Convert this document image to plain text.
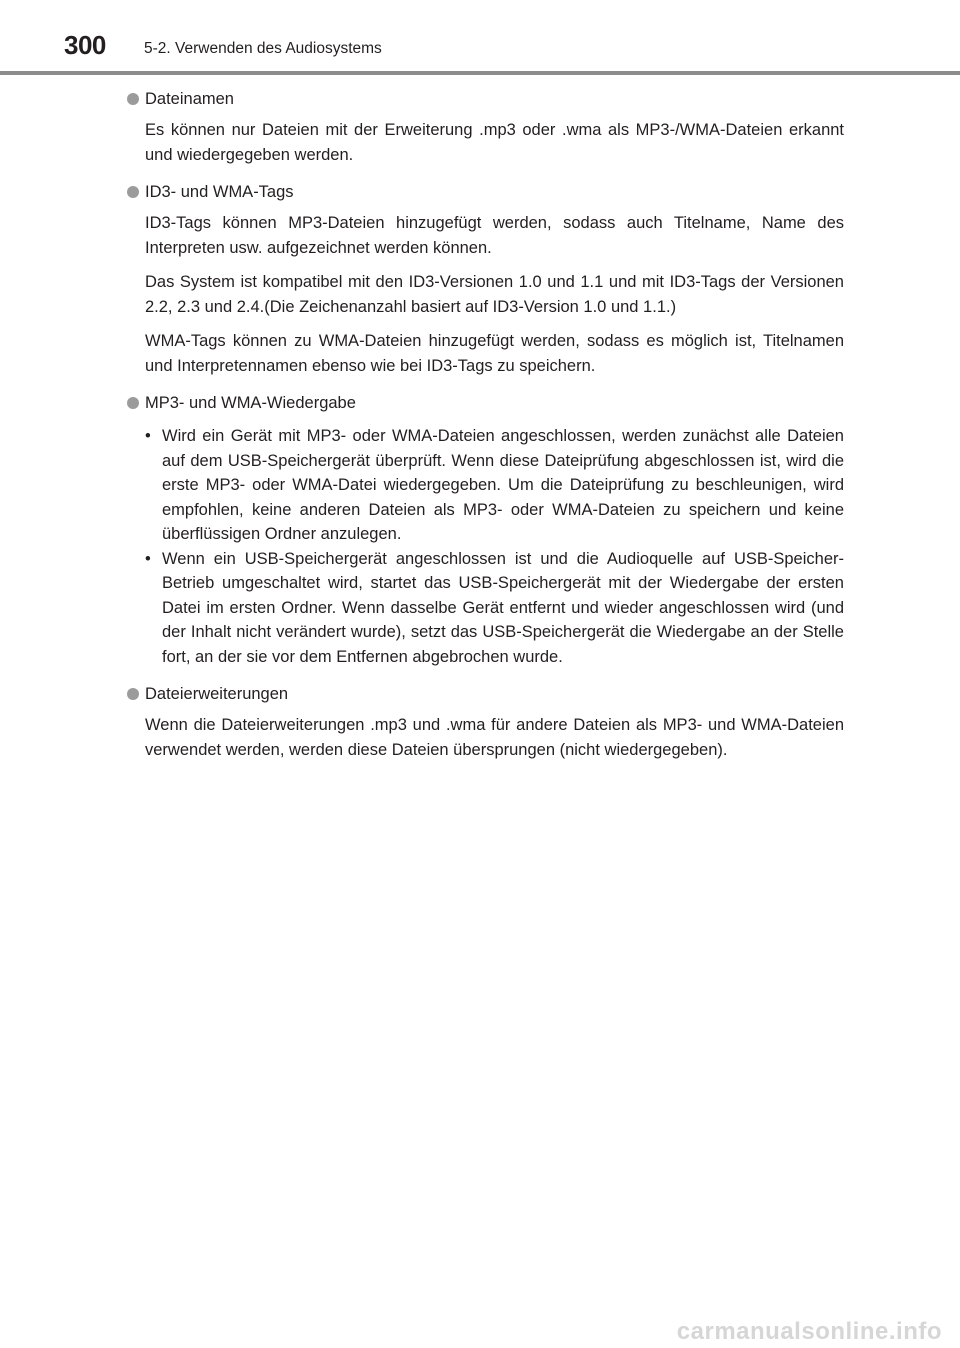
300 5-2. Verwenden des Audiosystems
Dateinamen

Es können nur Dateien mit der Erweiterung .mp3 oder .wma als MP3-/WMA-Dateien erkannt und wiedergegeben werden.

ID3- und WMA-Tags

ID3-Tags können MP3-Dateien hinzugefügt werden, sodass auch Titelname, Name des Interpreten usw. aufgezeichnet werden können.

Das System ist kompatibel mit den ID3-Versionen 1.0 und 1.1 und mit ID3-Tags der Versionen 2.2, 2.3 und 2.4.(Die Zeichenanzahl basiert auf ID3-Version 1.0 und 1.1.)

WMA-Tags können zu WMA-Dateien hinzugefügt werden, sodass es möglich ist, Titelnamen und Interpretennamen ebenso wie bei ID3-Tags zu speichern.

MP3- und WMA-Wiedergabe
• Wird ein Gerät mit MP3- oder WMA-Dateien angeschlossen, werden zunächst alle Dateien auf dem USB-Speichergerät überprüft. Wenn diese Dateiprüfung abgeschlossen ist, wird die erste MP3- oder WMA-Datei wiedergegeben. Um die Dateiprüfung zu beschleunigen, wird empfohlen, keine anderen Dateien als MP3- oder WMA-Dateien zu speichern und keine überflüssigen Ordner anzulegen.
• Wenn ein USB-Speichergerät angeschlossen ist und die Audioquelle auf USB-Speicher-Betrieb umgeschaltet wird, startet das USB-Speichergerät mit der Wiedergabe der ersten Datei im ersten Ordner. Wenn dasselbe Gerät entfernt und wieder angeschlossen wird (und der Inhalt nicht verändert wurde), setzt das USB-Speichergerät die Wiedergabe an der Stelle fort, an der sie vor dem Entfernen abgebrochen wurde.
Dateierweiterungen

Wenn die Dateierweiterungen .mp3 und .wma für andere Dateien als MP3- und WMA-Dateien verwendet werden, werden diese Dateien übersprungen (nicht wiedergegeben).

carmanualsonline.info
